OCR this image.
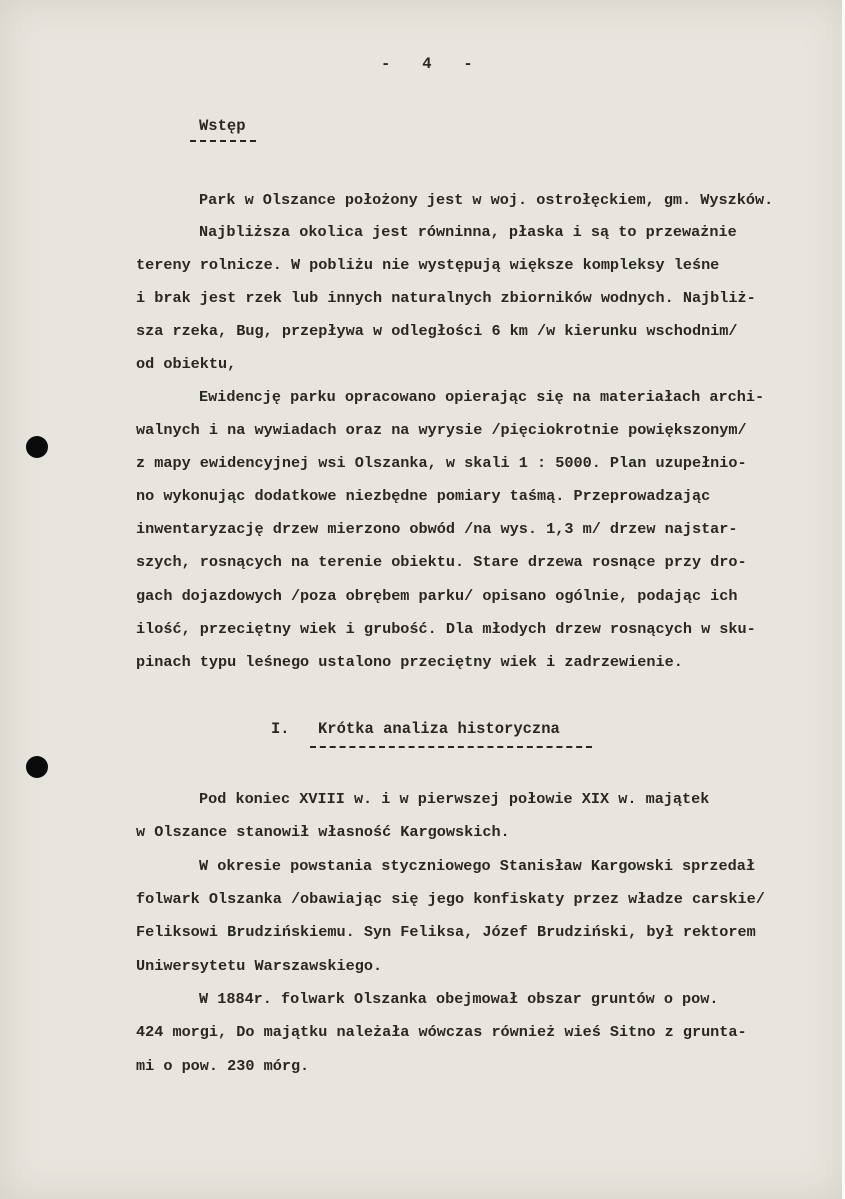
-   4   -
Wstęp
Park w Olszance położony jest w woj. ostrołęckiem, gm. Wyszków.
Najbliższa okolica jest równinna, płaska i są to przeważnie
tereny rolnicze. W pobliżu nie występują większe kompleksy leśne
i brak jest rzek lub innych naturalnych zbiorników wodnych. Najbliż-
sza rzeka, Bug, przepływa w odległości 6 km /w kierunku wschodnim/
od obiektu,
Ewidencję parku opracowano opierając się na materiałach archi-
walnych i na wywiadach oraz na wyrysie /pięciokrotnie powiększonym/
z mapy ewidencyjnej wsi Olszanka, w skali 1 : 5000. Plan uzupełnio-
no wykonując dodatkowe niezbędne pomiary taśmą. Przeprowadzając
inwentaryzację drzew mierzono obwód /na wys. 1,3 m/ drzew najstar-
szych, rosnących na terenie obiektu. Stare drzewa rosnące przy dro-
gach dojazdowych /poza obrębem parku/ opisano ogólnie, podając ich
ilość, przeciętny wiek i grubość. Dla młodych drzew rosnących w sku-
pinach typu leśnego ustalono przeciętny wiek i zadrzewienie.
I. Krótka analiza historyczna
Pod koniec XVIII w. i w pierwszej połowie XIX w. majątek
w Olszance stanowił własność Kargowskich.
W okresie powstania styczniowego Stanisław Kargowski sprzedał
folwark Olszanka /obawiając się jego konfiskaty przez władze carskie/
Feliksowi Brudzińskiemu. Syn Feliksa, Józef Brudziński, był rektorem
Uniwersytetu Warszawskiego.
W 1884r. folwark Olszanka obejmował obszar gruntów o pow.
424 morgi, Do majątku należała wówczas również wieś Sitno z grunta-
mi o pow. 230 mórg.
